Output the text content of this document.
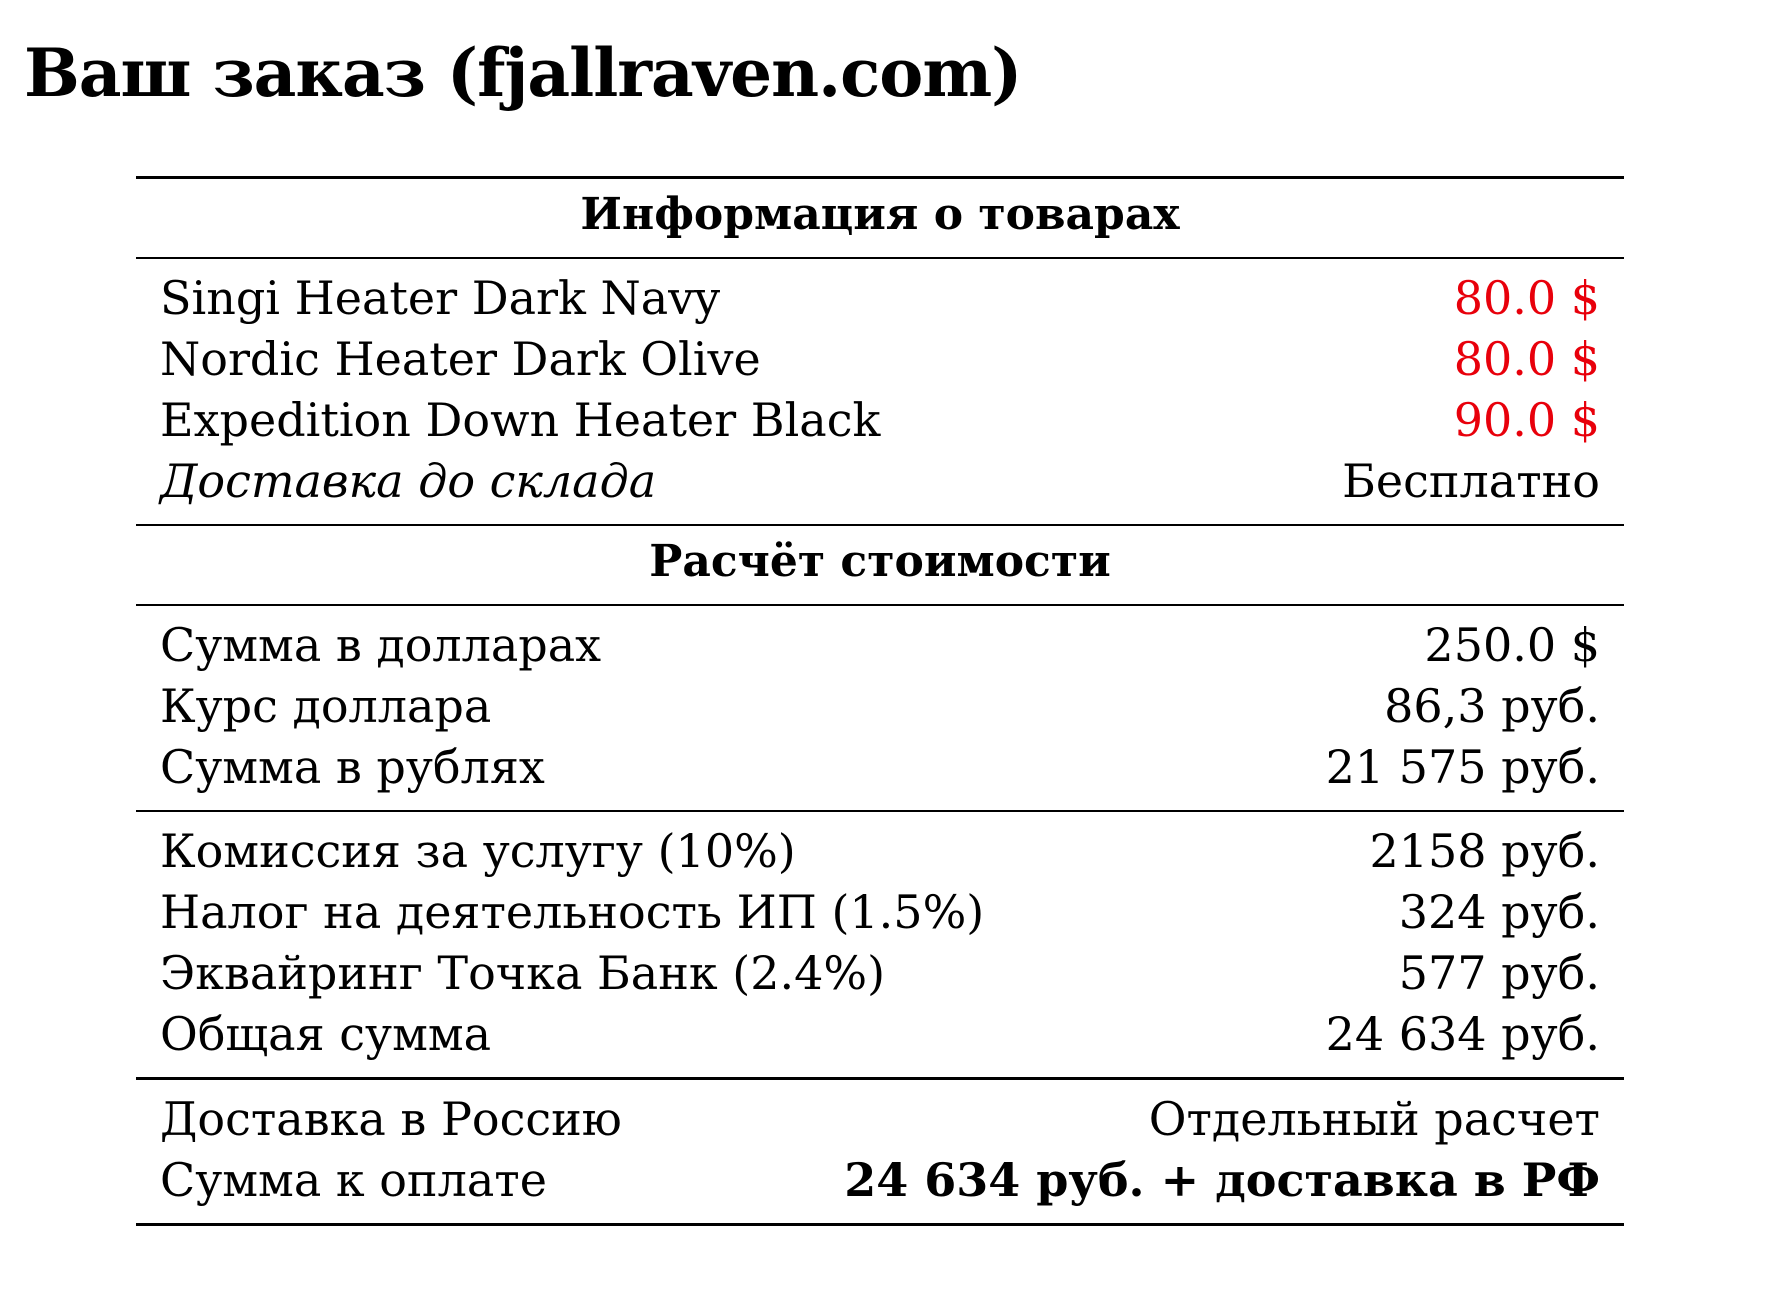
Ваш заказ (fjallraven.com)
Информация о товарах
Singi Heater Dark Navy	80.0 $
Nordic Heater Dark Olive	80.0 $
Expedition Down Heater Black	90.0 $
Доставка до склада	Бесплатно
Расчёт стоимости
Сумма в долларах	250.0 $
Курс доллара	86,3 руб.
Сумма в рублях	21 575 руб.
Комиссия за услугу (10%)	2158 руб.
Налог на деятельность ИП (1.5%)	324 руб.
Эквайринг Точка Банк (2.4%)	577 руб.
Общая сумма	24 634 руб.
Доставка в Россию	Отдельный расчет
Сумма к оплате	24 634 руб. + доставка в РФ
